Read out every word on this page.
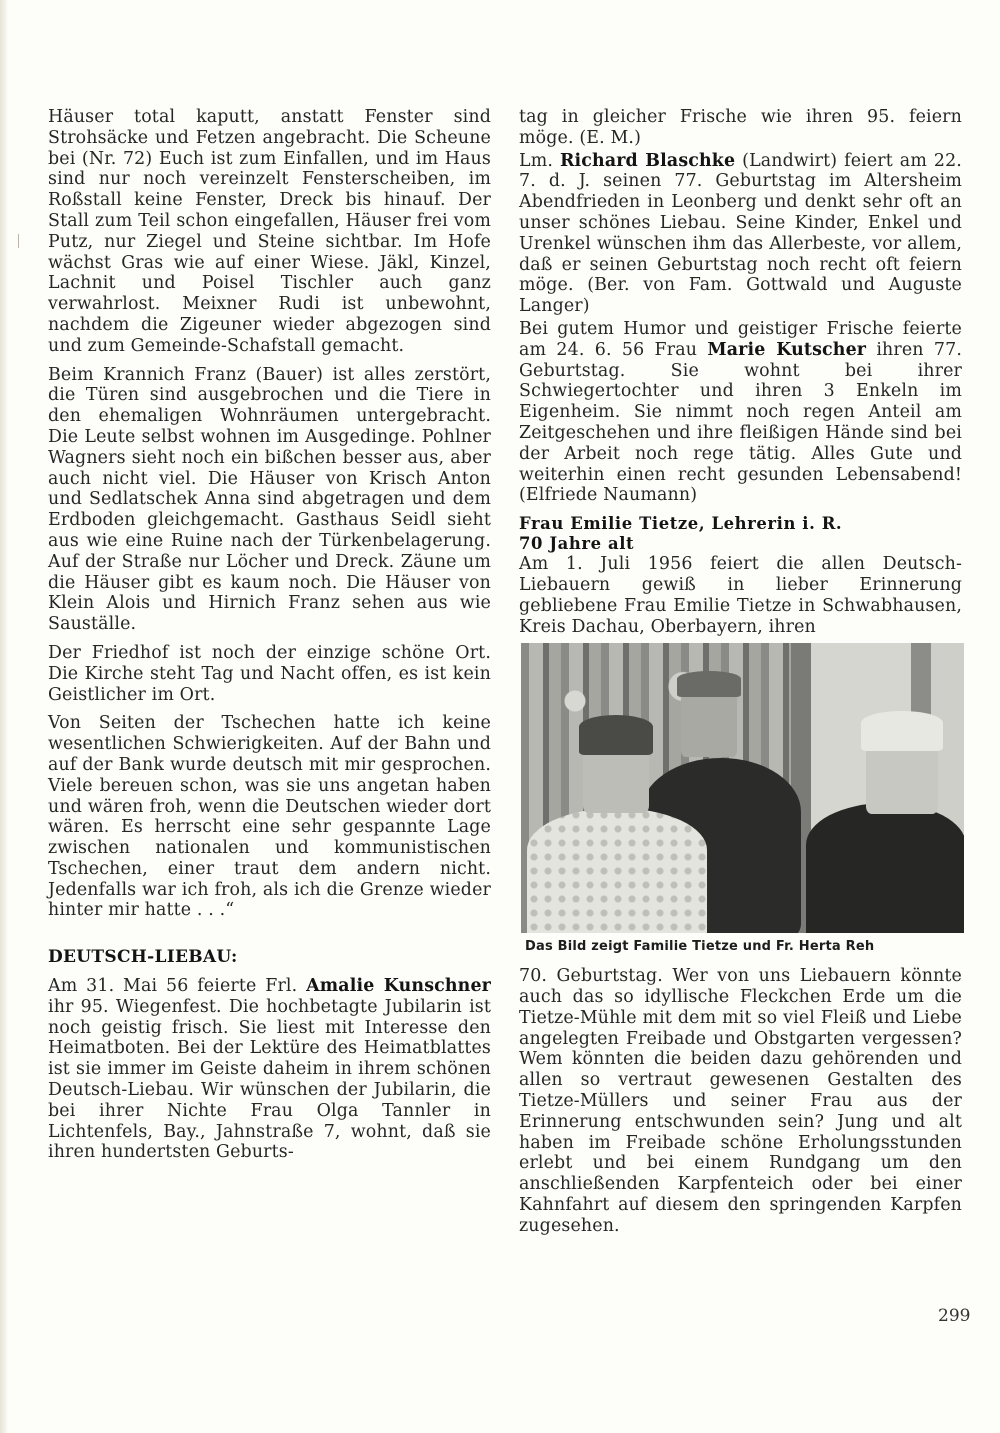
Häuser total kaputt, anstatt Fenster sind Strohsäcke und Fetzen angebracht. Die Scheune bei (Nr. 72) Euch ist zum Einfallen, und im Haus sind nur noch vereinzelt Fensterscheiben, im Roßstall keine Fenster, Dreck bis hinauf. Der Stall zum Teil schon eingefallen, Häuser frei vom Putz, nur Ziegel und Steine sichtbar. Im Hofe wächst Gras wie auf einer Wiese. Jäkl, Kinzel, Lachnit und Poisel Tischler auch ganz verwahrlost. Meixner Rudi ist unbewohnt, nachdem die Zigeuner wieder abgezogen sind und zum Gemeinde-Schafstall gemacht.

Beim Krannich Franz (Bauer) ist alles zerstört, die Türen sind ausgebrochen und die Tiere in den ehemaligen Wohnräumen untergebracht. Die Leute selbst wohnen im Ausgedinge. Pohlner Wagners sieht noch ein bißchen besser aus, aber auch nicht viel. Die Häuser von Krisch Anton und Sedlatschek Anna sind abgetragen und dem Erdboden gleichgemacht. Gasthaus Seidl sieht aus wie eine Ruine nach der Türkenbelagerung. Auf der Straße nur Löcher und Dreck. Zäune um die Häuser gibt es kaum noch. Die Häuser von Klein Alois und Hirnich Franz sehen aus wie Sauställe.

Der Friedhof ist noch der einzige schöne Ort. Die Kirche steht Tag und Nacht offen, es ist kein Geistlicher im Ort.

Von Seiten der Tschechen hatte ich keine wesentlichen Schwierigkeiten. Auf der Bahn und auf der Bank wurde deutsch mit mir gesprochen. Viele bereuen schon, was sie uns angetan haben und wären froh, wenn die Deutschen wieder dort wären. Es herrscht eine sehr gespannte Lage zwischen nationalen und kommunistischen Tschechen, einer traut dem andern nicht. Jedenfalls war ich froh, als ich die Grenze wieder hinter mir hatte . . .“

DEUTSCH-LIEBAU:

Am 31. Mai 56 feierte Frl. Amalie Kunschner ihr 95. Wiegenfest. Die hochbetagte Jubilarin ist noch geistig frisch. Sie liest mit Interesse den Heimatboten. Bei der Lektüre des Heimatblattes ist sie immer im Geiste daheim in ihrem schönen Deutsch-Liebau. Wir wünschen der Jubilarin, die bei ihrer Nichte Frau Olga Tannler in Lichtenfels, Bay., Jahnstraße 7, wohnt, daß sie ihren hundertsten Geburts-

tag in gleicher Frische wie ihren 95. feiern möge. (E. M.)

Lm. Richard Blaschke (Landwirt) feiert am 22. 7. d. J. seinen 77. Geburtstag im Altersheim Abendfrieden in Leonberg und denkt sehr oft an unser schönes Liebau. Seine Kinder, Enkel und Urenkel wünschen ihm das Allerbeste, vor allem, daß er seinen Geburtstag noch recht oft feiern möge. (Ber. von Fam. Gottwald und Auguste Langer)

Bei gutem Humor und geistiger Frische feierte am 24. 6. 56 Frau Marie Kutscher ihren 77. Geburtstag. Sie wohnt bei ihrer Schwiegertochter und ihren 3 Enkeln im Eigenheim. Sie nimmt noch regen Anteil am Zeitgeschehen und ihre fleißigen Hände sind bei der Arbeit noch rege tätig. Alles Gute und weiterhin einen recht gesunden Lebensabend! (Elfriede Naumann)

Frau Emilie Tietze, Lehrerin i. R.
70 Jahre alt

Am 1. Juli 1956 feiert die allen Deutsch-Liebauern gewiß in lieber Erinnerung gebliebene Frau Emilie Tietze in Schwabhausen, Kreis Dachau, Oberbayern, ihren

Das Bild zeigt Familie Tietze und Fr. Herta Reh

70. Geburtstag. Wer von uns Liebauern könnte auch das so idyllische Fleckchen Erde um die Tietze-Mühle mit dem mit so viel Fleiß und Liebe angelegten Freibade und Obstgarten vergessen? Wem könnten die beiden dazu gehörenden und allen so vertraut gewesenen Gestalten des Tietze-Müllers und seiner Frau aus der Erinnerung entschwunden sein? Jung und alt haben im Freibade schöne Erholungsstunden erlebt und bei einem Rundgang um den anschließenden Karpfenteich oder bei einer Kahnfahrt auf diesem den springenden Karpfen zugesehen.

299
